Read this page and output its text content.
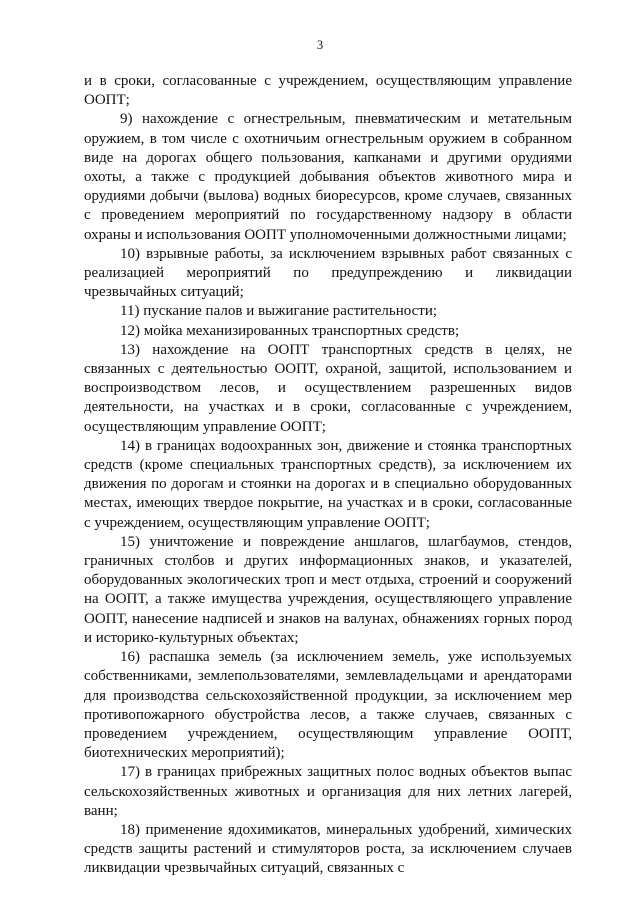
3

и в сроки, согласованные с учреждением, осуществляющим управление ООПТ;

9) нахождение с огнестрельным, пневматическим и метательным оружием, в том числе с охотничьим огнестрельным оружием в собранном виде на дорогах общего пользования, капканами и другими орудиями охоты, а также с продукцией добывания объектов животного мира и орудиями добычи (вылова) водных биоресурсов, кроме случаев, связанных с проведением мероприятий по государственному надзору в области охраны и использования ООПТ уполномоченными должностными лицами;

10) взрывные работы, за исключением взрывных работ связанных с реализацией мероприятий по предупреждению и ликвидации чрезвычайных ситуаций;

11) пускание палов и выжигание растительности;

12) мойка механизированных транспортных средств;

13) нахождение на ООПТ транспортных средств в целях, не связанных с деятельностью ООПТ, охраной, защитой, использованием и воспроизводством лесов, и осуществлением разрешенных видов деятельности, на участках и в сроки, согласованные с учреждением, осуществляющим управление ООПТ;

14) в границах водоохранных зон, движение и стоянка транспортных средств (кроме специальных транспортных средств), за исключением их движения по дорогам и стоянки на дорогах и в специально оборудованных местах, имеющих твердое покрытие, на участках и в сроки, согласованные с учреждением, осуществляющим управление ООПТ;

15) уничтожение и повреждение аншлагов, шлагбаумов, стендов, граничных столбов и других информационных знаков, и указателей, оборудованных экологических троп и мест отдыха, строений и сооружений на ООПТ, а также имущества учреждения, осуществляющего управление ООПТ, нанесение надписей и знаков на валунах, обнажениях горных пород и историко-культурных объектах;

16) распашка земель (за исключением земель, уже используемых собственниками, землепользователями, землевладельцами и арендаторами для производства сельскохозяйственной продукции, за исключением мер противопожарного обустройства лесов, а также случаев, связанных с проведением учреждением, осуществляющим управление ООПТ, биотехнических мероприятий);

17) в границах прибрежных защитных полос водных объектов выпас сельскохозяйственных животных и организация для них летних лагерей, ванн;

18) применение ядохимикатов, минеральных удобрений, химических средств защиты растений и стимуляторов роста, за исключением случаев ликвидации чрезвычайных ситуаций, связанных с
